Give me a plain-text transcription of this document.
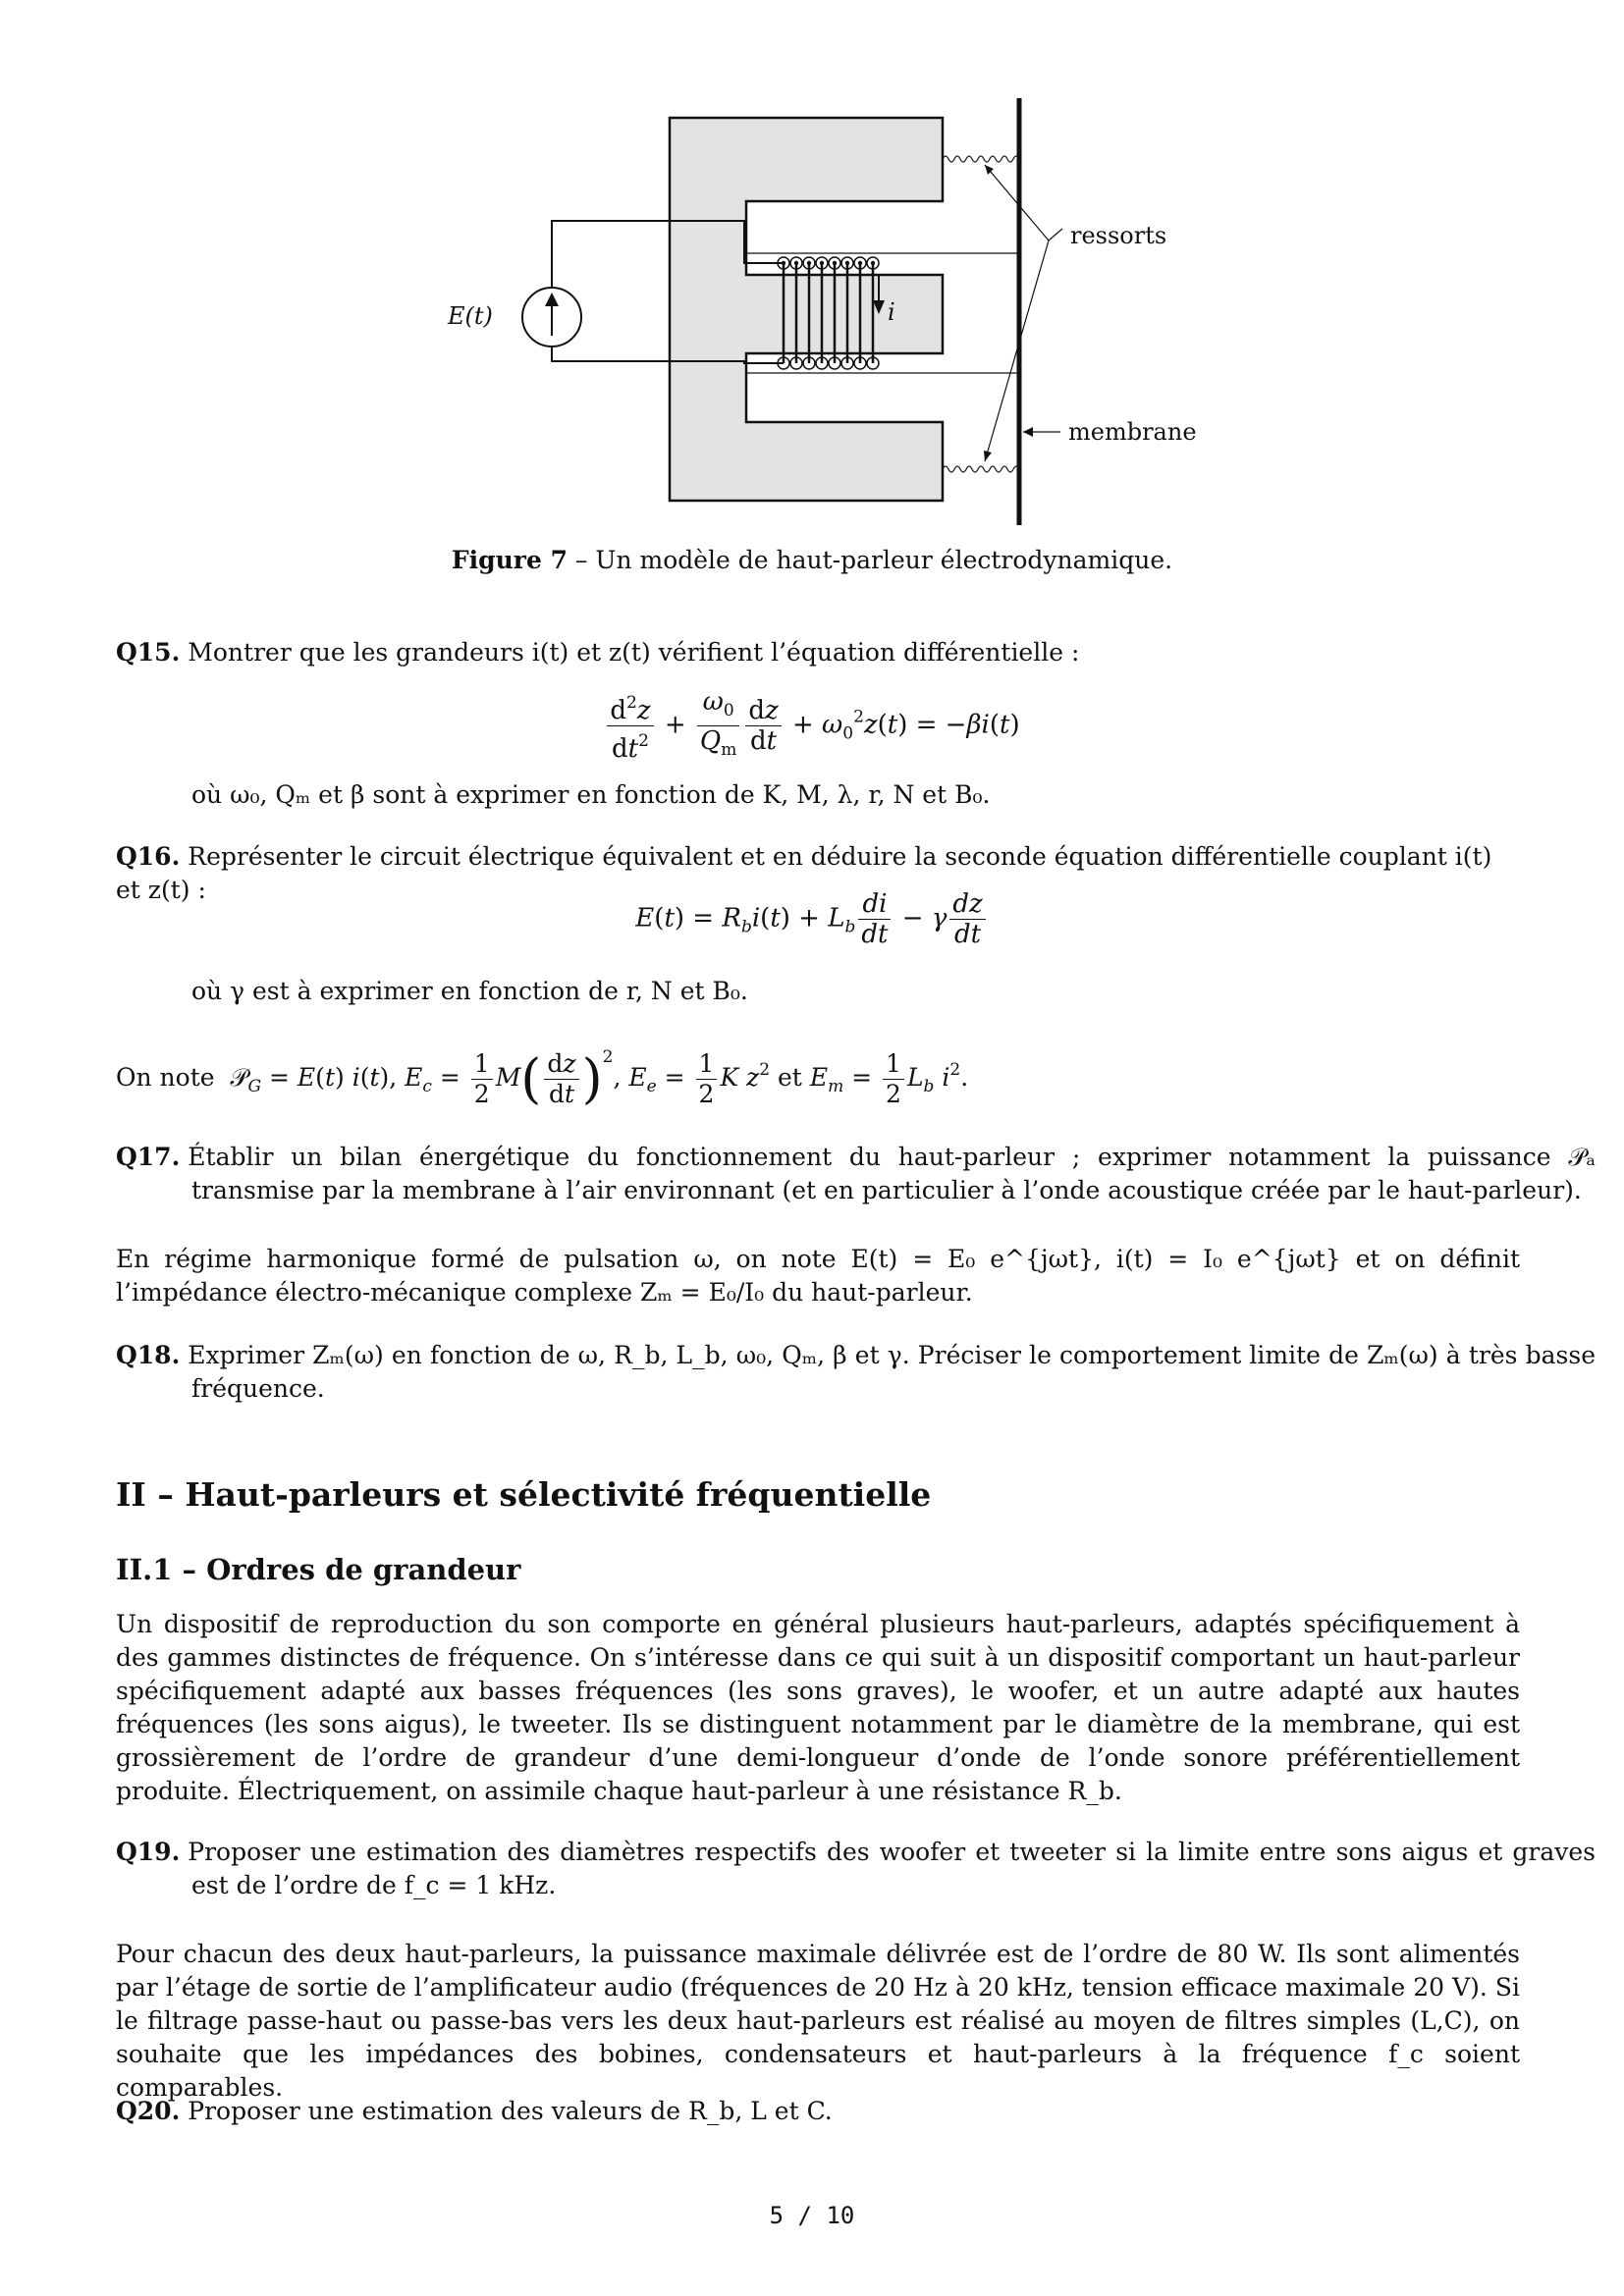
i
E(t)
ressorts
membrane
Figure 7 – Un modèle de haut-parleur électrodynamique.
Q15. Montrer que les grandeurs i(t) et z(t) vérifient l’équation différentielle :
$\frac{d^2z}{dt^2} + \frac{\omega_0}{Q_m} \frac{dz}{dt} + \omega_0^2z(t) = -\beta i(t)$
où ω₀, Qₘ et β sont à exprimer en fonction de K, M, λ, r, N et B₀.
Q16. Représenter le circuit électrique équivalent et en déduire la seconde équation différentielle couplant i(t) et z(t) :
$E(t) = R_bi(t) + L_b \frac{di}{dt} - \gamma \frac{dz}{dt}$
où γ est à exprimer en fonction de r, N et B₀.
On note  𝒫$_G$ = E(t) i(t), $E_c = \frac{1}{2} M( \frac{dz}{dt} )^2$, $E_e = \frac{1}{2}$ K $z^2$ et $E_m = \frac{1}{2} L_b$ $i^2$.
Q17. Établir un bilan énergétique du fonctionnement du haut-parleur ; exprimer notamment la puissance 𝒫ₐ transmise par la membrane à l’air environnant (et en particulier à l’onde acoustique créée par le haut-parleur).
En régime harmonique formé de pulsation ω, on note E(t) = E₀ e^{jωt}, i(t) = I₀ e^{jωt} et on définit l’impédance électro-mécanique complexe Zₘ = E₀/I₀ du haut-parleur.
Q18. Exprimer Zₘ(ω) en fonction de ω, R_b, L_b, ω₀, Qₘ, β et γ. Préciser le comportement limite de Zₘ(ω) à très basse fréquence.
II – Haut-parleurs et sélectivité fréquentielle
II.1 – Ordres de grandeur
Un dispositif de reproduction du son comporte en général plusieurs haut-parleurs, adaptés spécifiquement à des gammes distinctes de fréquence. On s’intéresse dans ce qui suit à un dispositif comportant un haut-parleur spécifiquement adapté aux basses fréquences (les sons graves), le woofer, et un autre adapté aux hautes fréquences (les sons aigus), le tweeter. Ils se distinguent notamment par le diamètre de la membrane, qui est grossièrement de l’ordre de grandeur d’une demi-longueur d’onde de l’onde sonore préférentiellement produite. Électriquement, on assimile chaque haut-parleur à une résistance R_b.
Q19. Proposer une estimation des diamètres respectifs des woofer et tweeter si la limite entre sons aigus et graves est de l’ordre de f_c = 1 kHz.
Pour chacun des deux haut-parleurs, la puissance maximale délivrée est de l’ordre de 80 W. Ils sont alimentés par l’étage de sortie de l’amplificateur audio (fréquences de 20 Hz à 20 kHz, tension efficace maximale 20 V). Si le filtrage passe-haut ou passe-bas vers les deux haut-parleurs est réalisé au moyen de filtres simples (L,C), on souhaite que les impédances des bobines, condensateurs et haut-parleurs à la fréquence f_c soient comparables.
Q20. Proposer une estimation des valeurs de R_b, L et C.
5 / 10
